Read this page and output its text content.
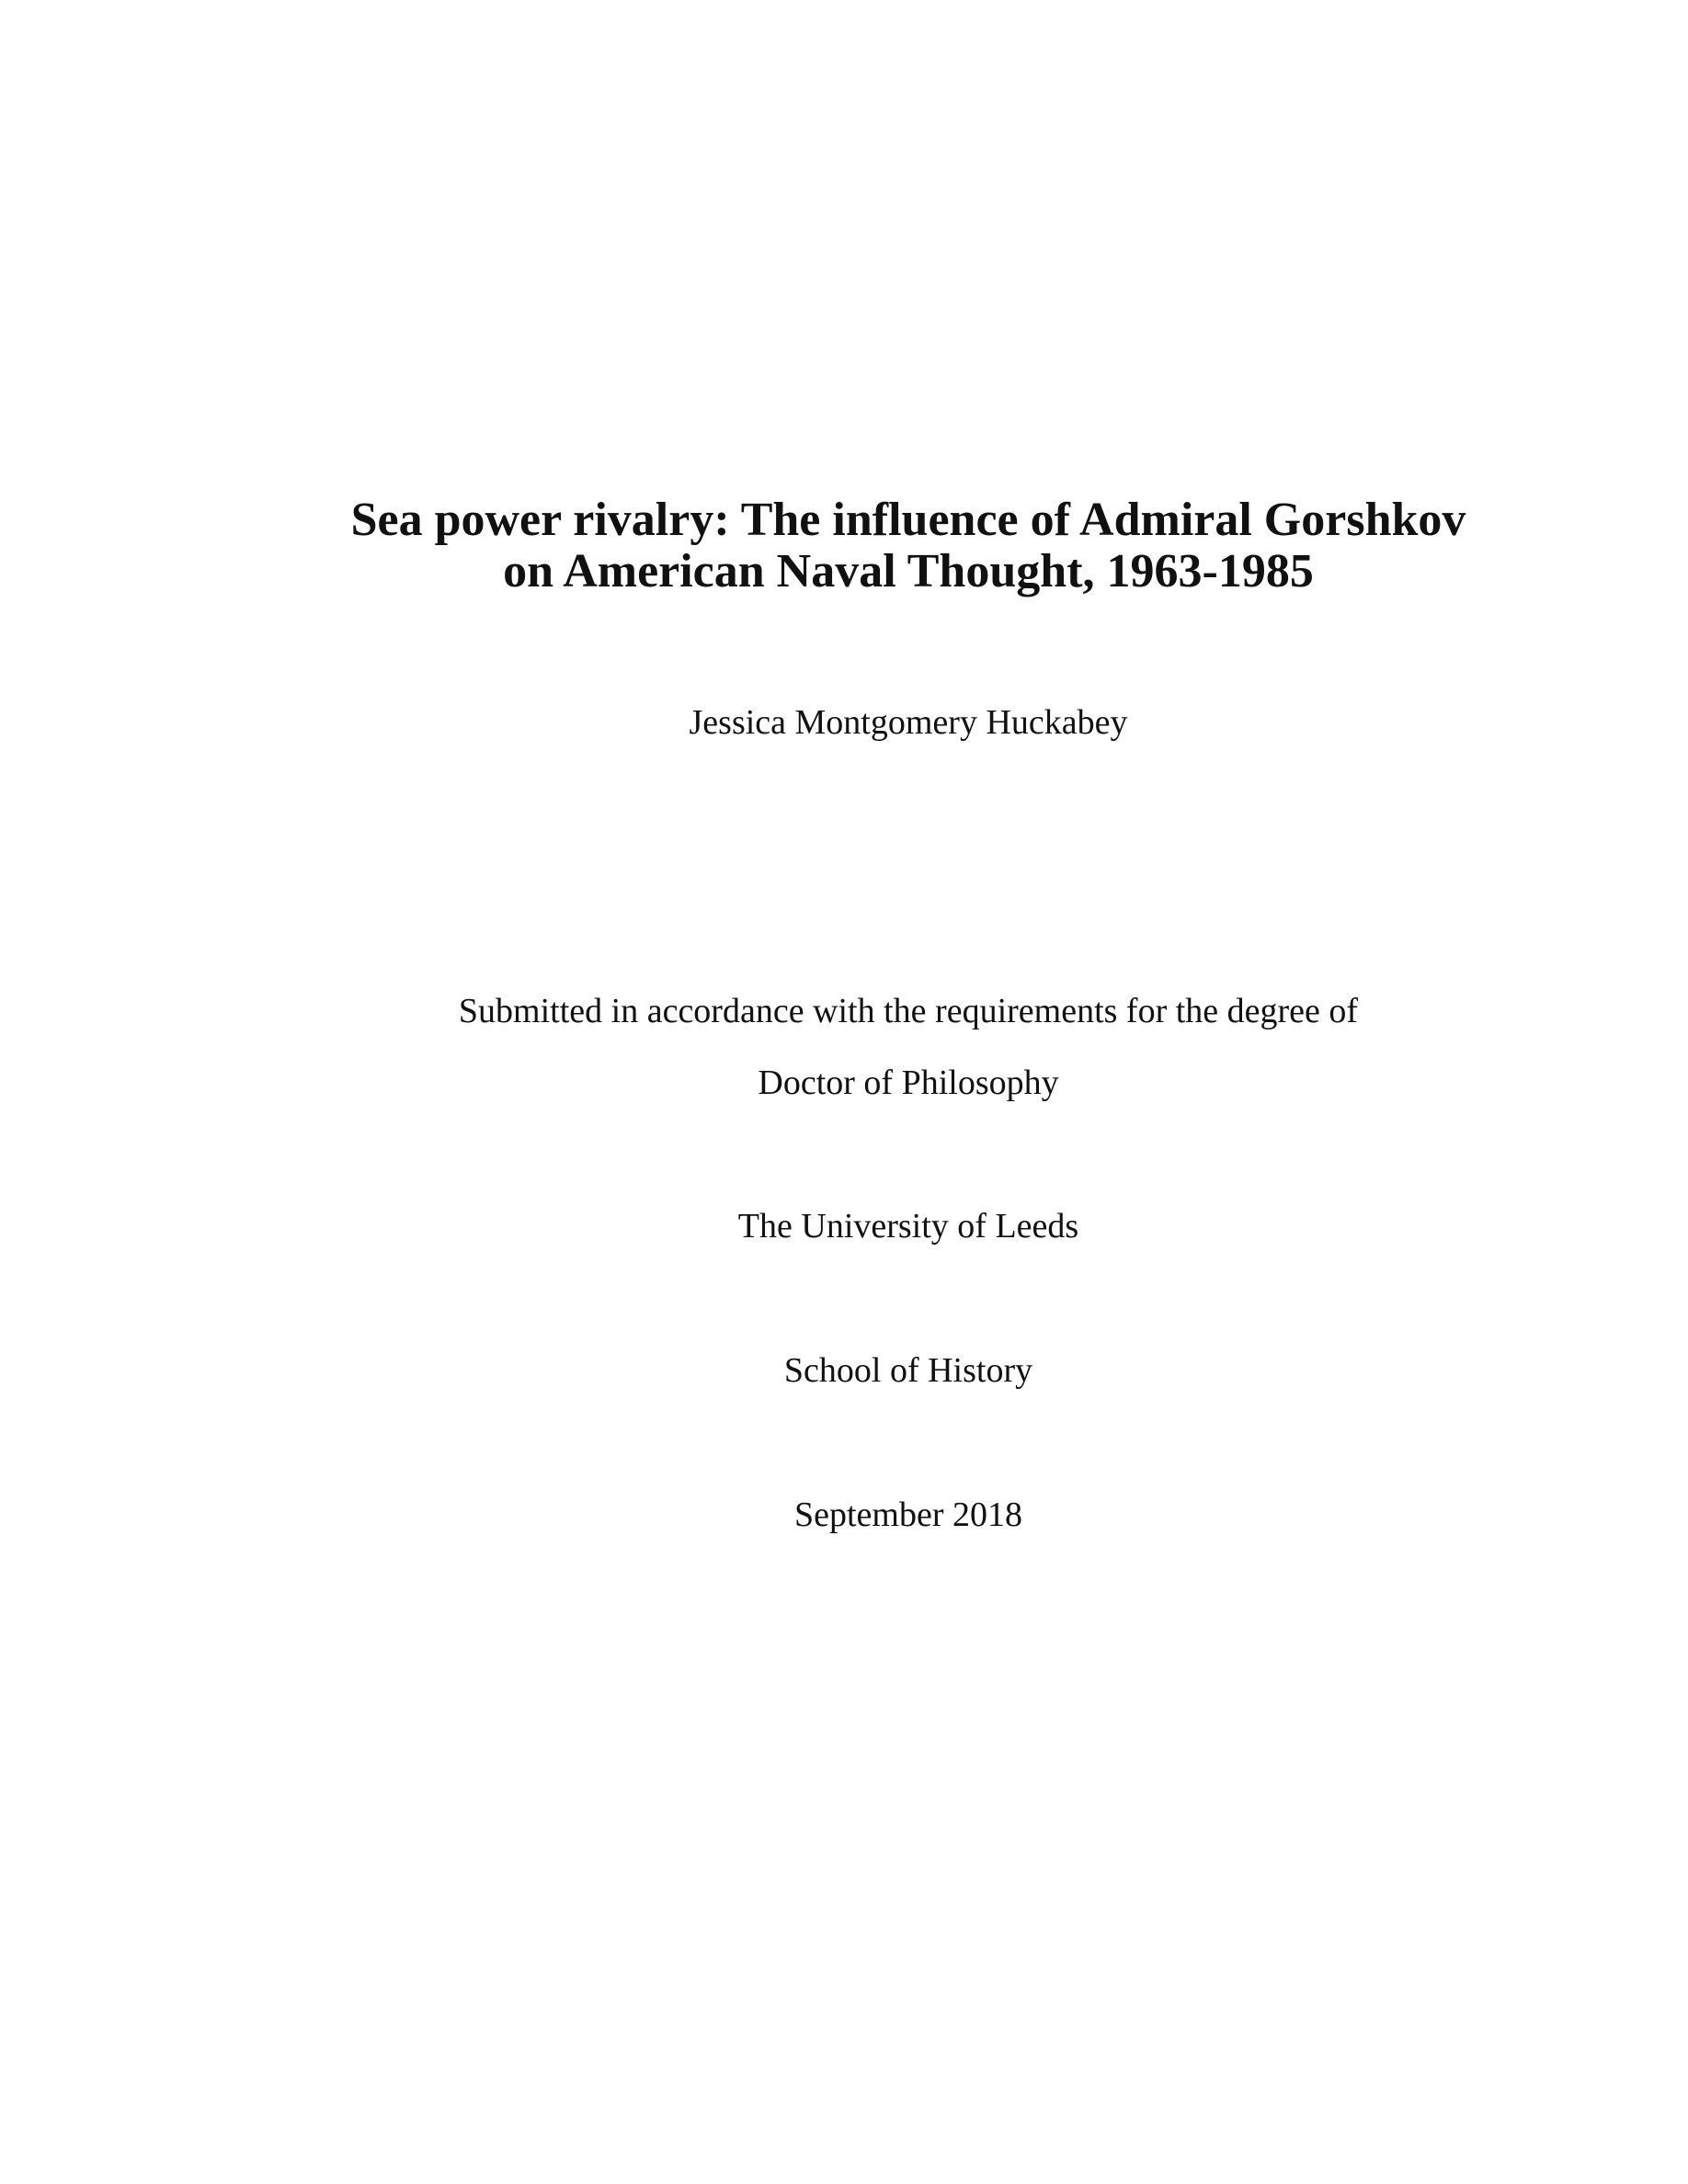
Sea power rivalry: The influence of Admiral Gorshkov
on American Naval Thought, 1963-1985

Jessica Montgomery Huckabey

Submitted in accordance with the requirements for the degree of

Doctor of Philosophy

The University of Leeds

School of History

September 2018
